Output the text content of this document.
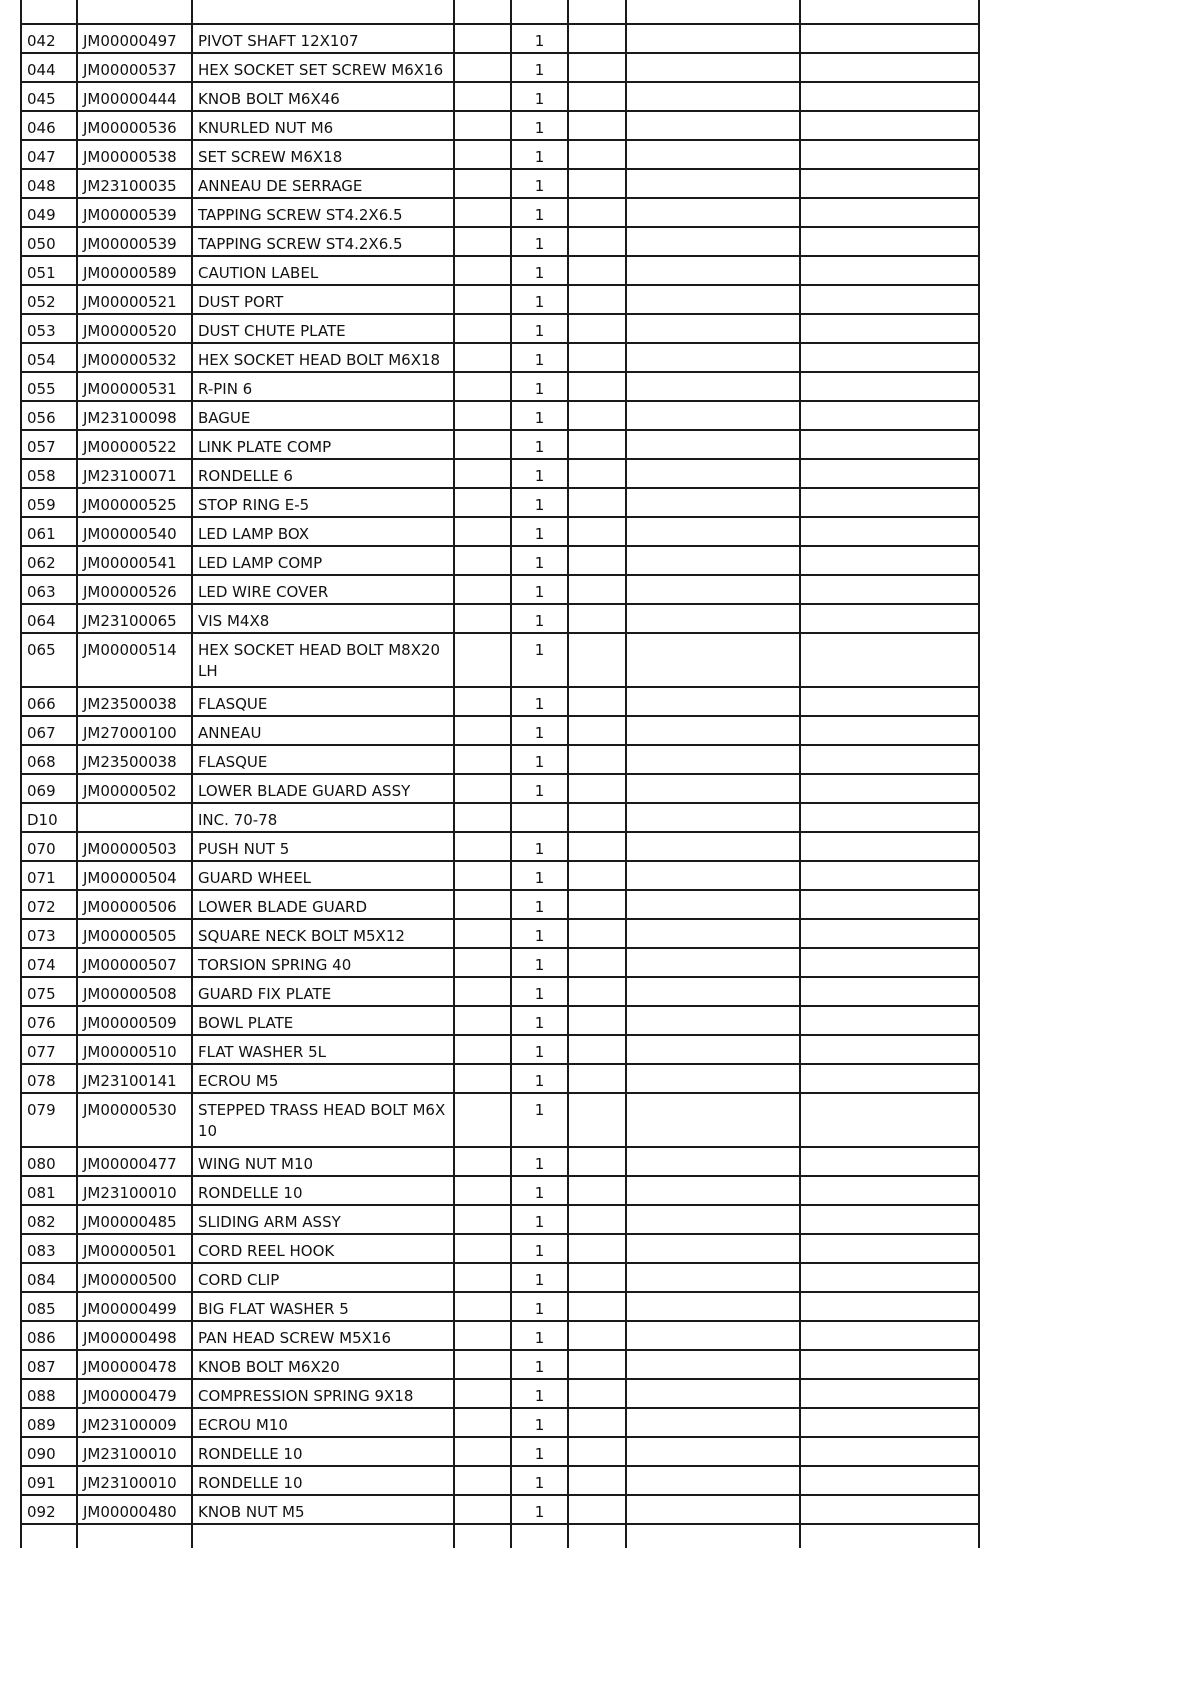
042	JM00000497	PIVOT SHAFT 12X107		1			
044	JM00000537	HEX SOCKET SET SCREW M6X16		1			
045	JM00000444	KNOB BOLT M6X46		1			
046	JM00000536	KNURLED NUT M6		1			
047	JM00000538	SET SCREW M6X18		1			
048	JM23100035	ANNEAU DE SERRAGE		1			
049	JM00000539	TAPPING SCREW ST4.2X6.5		1			
050	JM00000539	TAPPING SCREW ST4.2X6.5		1			
051	JM00000589	CAUTION LABEL		1			
052	JM00000521	DUST PORT		1			
053	JM00000520	DUST CHUTE PLATE		1			
054	JM00000532	HEX SOCKET HEAD BOLT M6X18		1			
055	JM00000531	R-PIN 6		1			
056	JM23100098	BAGUE		1			
057	JM00000522	LINK PLATE COMP		1			
058	JM23100071	RONDELLE 6		1			
059	JM00000525	STOP RING E-5		1			
061	JM00000540	LED LAMP BOX		1			
062	JM00000541	LED LAMP COMP		1			
063	JM00000526	LED WIRE COVER		1			
064	JM23100065	VIS M4X8		1			
065	JM00000514	HEX SOCKET HEAD BOLT M8X20 LH		1			
066	JM23500038	FLASQUE		1			
067	JM27000100	ANNEAU		1			
068	JM23500038	FLASQUE		1			
069	JM00000502	LOWER BLADE GUARD ASSY		1			
D10		INC. 70-78					
070	JM00000503	PUSH NUT 5		1			
071	JM00000504	GUARD WHEEL		1			
072	JM00000506	LOWER BLADE GUARD		1			
073	JM00000505	SQUARE NECK BOLT M5X12		1			
074	JM00000507	TORSION SPRING 40		1			
075	JM00000508	GUARD FIX PLATE		1			
076	JM00000509	BOWL PLATE		1			
077	JM00000510	FLAT WASHER 5L		1			
078	JM23100141	ECROU M5		1			
079	JM00000530	STEPPED TRASS HEAD BOLT M6X 10		1			
080	JM00000477	WING NUT M10		1			
081	JM23100010	RONDELLE 10		1			
082	JM00000485	SLIDING ARM ASSY		1			
083	JM00000501	CORD REEL HOOK		1			
084	JM00000500	CORD CLIP		1			
085	JM00000499	BIG FLAT WASHER 5		1			
086	JM00000498	PAN HEAD SCREW M5X16		1			
087	JM00000478	KNOB BOLT M6X20		1			
088	JM00000479	COMPRESSION SPRING 9X18		1			
089	JM23100009	ECROU M10		1			
090	JM23100010	RONDELLE 10		1			
091	JM23100010	RONDELLE 10		1			
092	JM00000480	KNOB NUT M5		1			
